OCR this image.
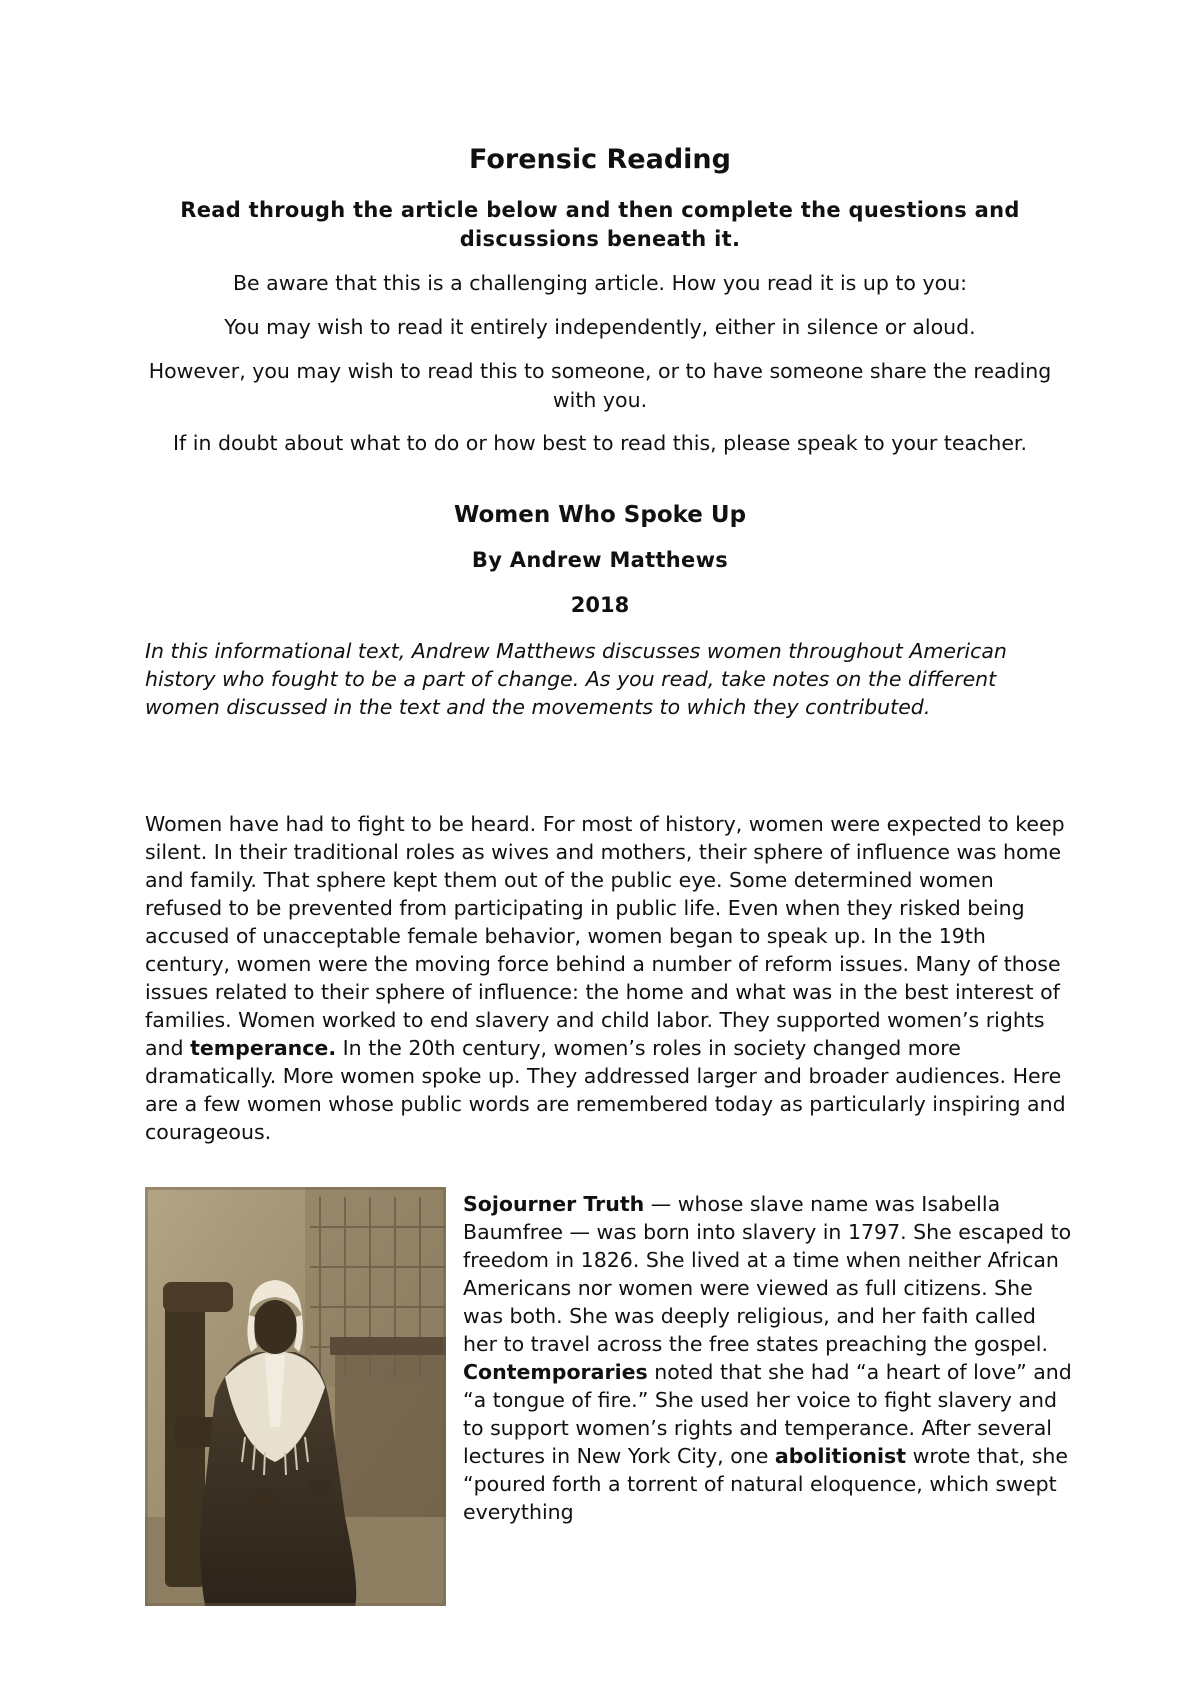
Forensic Reading
Read through the article below and then complete the questions and discussions beneath it.
Be aware that this is a challenging article. How you read it is up to you:
You may wish to read it entirely independently, either in silence or aloud.
However, you may wish to read this to someone, or to have someone share the reading with you.
If in doubt about what to do or how best to read this, please speak to your teacher.
Women Who Spoke Up
By Andrew Matthews
2018
In this informational text, Andrew Matthews discusses women throughout American history who fought to be a part of change. As you read, take notes on the different women discussed in the text and the movements to which they contributed.
Women have had to fight to be heard. For most of history, women were expected to keep silent. In their traditional roles as wives and mothers, their sphere of influence was home and family. That sphere kept them out of the public eye. Some determined women refused to be prevented from participating in public life. Even when they risked being accused of unacceptable female behavior, women began to speak up. In the 19th century, women were the moving force behind a number of reform issues. Many of those issues related to their sphere of influence: the home and what was in the best interest of families. Women worked to end slavery and child labor. They supported women’s rights and temperance. In the 20th century, women’s roles in society changed more dramatically. More women spoke up. They addressed larger and broader audiences. Here are a few women whose public words are remembered today as particularly inspiring and courageous.
Sojourner Truth — whose slave name was Isabella Baumfree — was born into slavery in 1797. She escaped to freedom in 1826. She lived at a time when neither African Americans nor women were viewed as full citizens. She was both. She was deeply religious, and her faith called her to travel across the free states preaching the gospel. Contemporaries noted that she had “a heart of love” and “a tongue of fire.” She used her voice to fight slavery and to support women’s rights and temperance. After several lectures in New York City, one abolitionist wrote that, she “poured forth a torrent of natural eloquence, which swept everything
